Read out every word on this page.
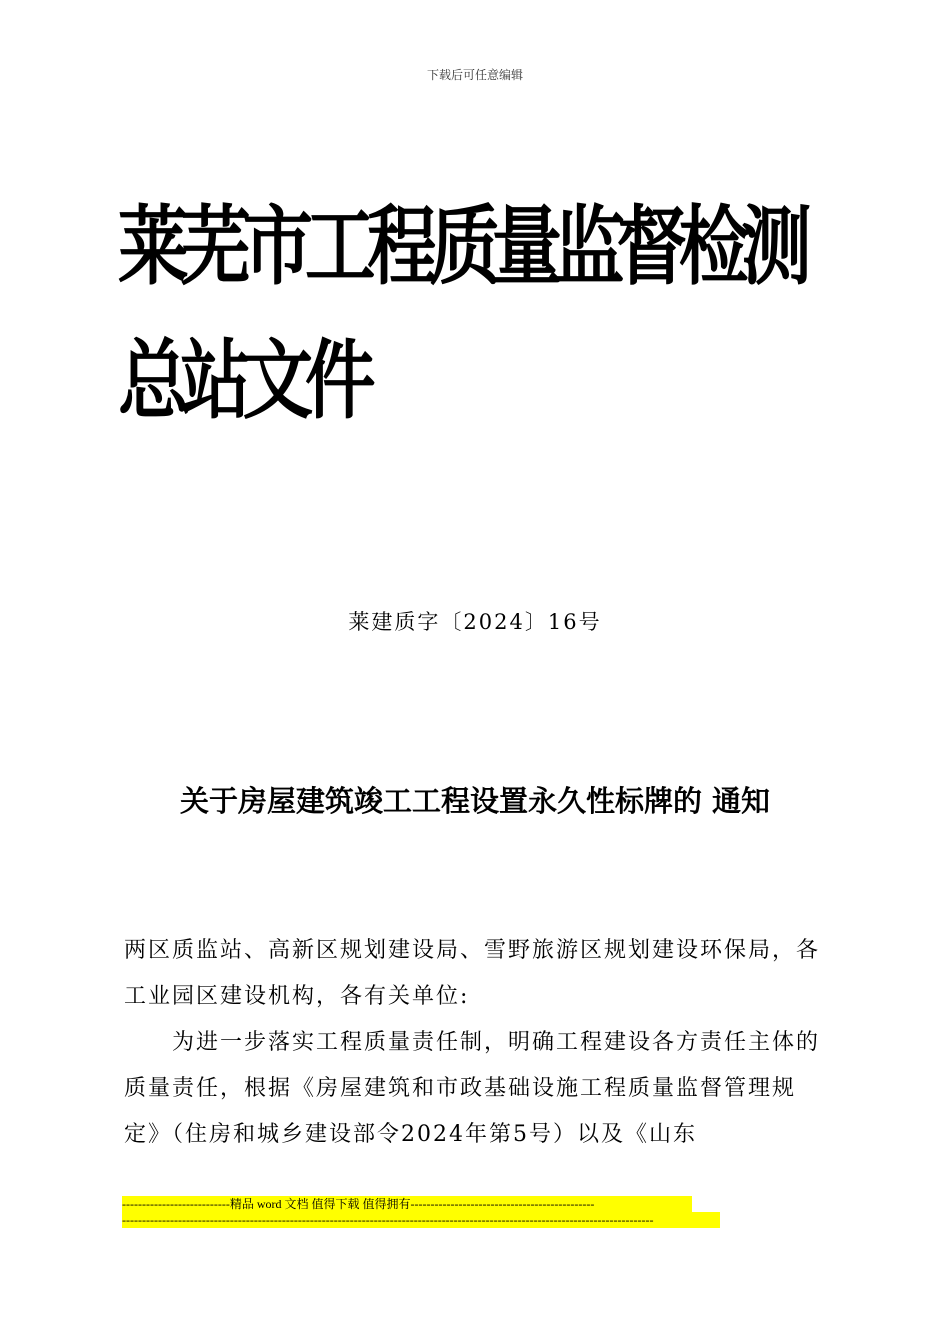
下载后可任意编辑
莱芜市工程质量监督检测总站文件
莱建质字〔2024〕16号
关于房屋建筑竣工工程设置永久性标牌的 通知

两区质监站、高新区规划建设局、雪野旅游区规划建设环保局，各工业园区建设机构，各有关单位:

为进一步落实工程质量责任制，明确工程建设各方责任主体的质量责任，根据《房屋建筑和市政基础设施工程质量监督管理规定》（住房和城乡建设部令2024年第5号）以及《山东

---------------------------精品 word 文档 值得下载 值得拥有----------------------------------------------
-------------------------------------------------------------------------------------------------------------------------------------
